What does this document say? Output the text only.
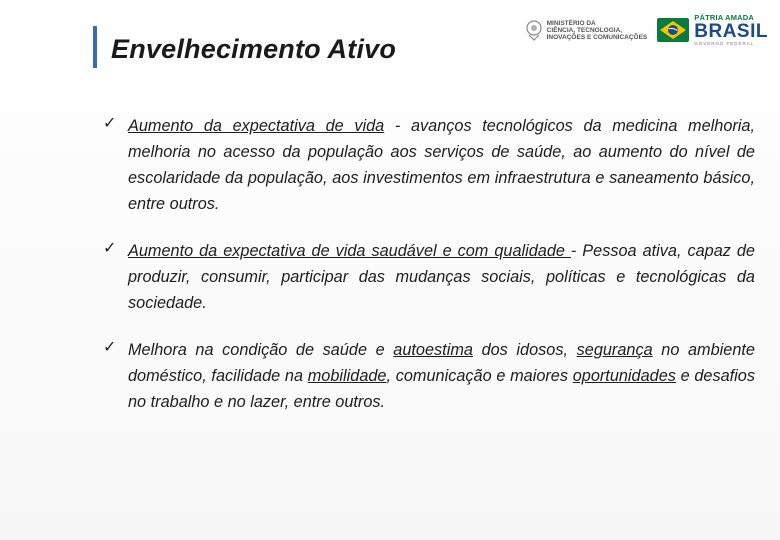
Envelhecimento Ativo
MINISTÉRIO DA
CIÊNCIA, TECNOLOGIA,
INOVAÇÕES E COMUNICAÇÕES
PÁTRIA AMADA
BRASIL
GOVERNO FEDERAL
✓ Aumento da expectativa de vida - avanços tecnológicos da medicina melhoria, melhoria no acesso da população aos serviços de saúde, ao aumento do nível de escolaridade da população, aos investimentos em infraestrutura e saneamento básico, entre outros.

✓ Aumento da expectativa de vida saudável e com qualidade - Pessoa ativa, capaz de produzir, consumir, participar das mudanças sociais, políticas e tecnológicas da sociedade.

✓ Melhora na condição de saúde e autoestima dos idosos, segurança no ambiente doméstico, facilidade na mobilidade, comunicação e maiores oportunidades e desafios no trabalho e no lazer, entre outros.
